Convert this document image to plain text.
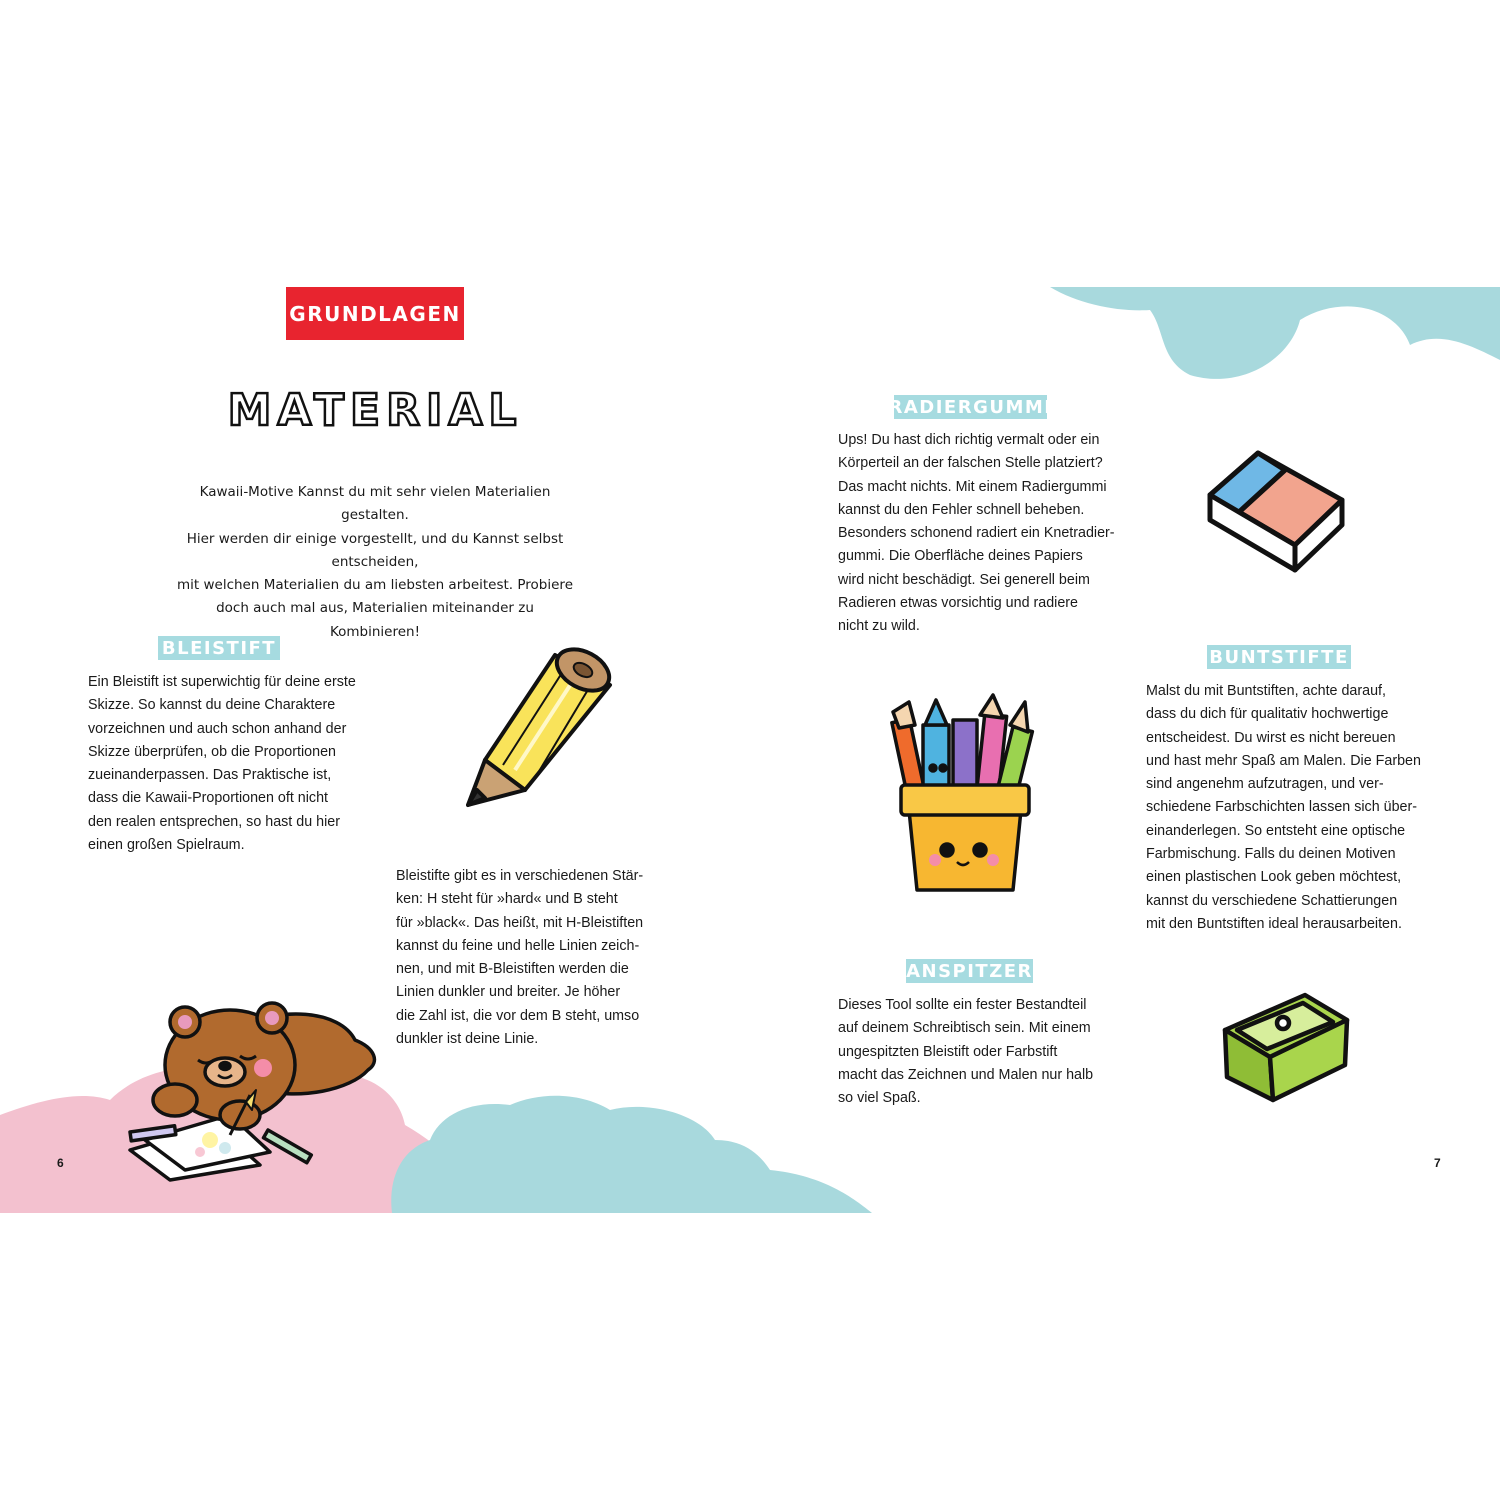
GRUNDLAGEN
MATERIAL
Kawaii-Motive Kannst du mit sehr vielen Materialien gestalten.
Hier werden dir einige vorgestellt, und du Kannst selbst entscheiden,
mit welchen Materialien du am liebsten arbeitest. Probiere
doch auch mal aus, Materialien miteinander zu Kombinieren!
BLEISTIFT
Ein Bleistift ist superwichtig für deine erste
Skizze. So kannst du deine Charaktere
vorzeichnen und auch schon anhand der
Skizze überprüfen, ob die Proportionen
zueinanderpassen. Das Praktische ist,
dass die Kawaii-Proportionen oft nicht
den realen entsprechen, so hast du hier
einen großen Spielraum.
Bleistifte gibt es in verschiedenen Stär-
ken: H steht für »hard« und B steht
für »black«. Das heißt, mit H-Bleistiften
kannst du feine und helle Linien zeich-
nen, und mit B-Bleistiften werden die
Linien dunkler und breiter. Je höher
die Zahl ist, die vor dem B steht, umso
dunkler ist deine Linie.
6
RADIERGUMMI
Ups! Du hast dich richtig vermalt oder ein
Körperteil an der falschen Stelle platziert?
Das macht nichts. Mit einem Radiergummi
kannst du den Fehler schnell beheben.
Besonders schonend radiert ein Knetradier-
gummi. Die Oberfläche deines Papiers
wird nicht beschädigt. Sei generell beim
Radieren etwas vorsichtig und radiere
nicht zu wild.
BUNTSTIFTE
Malst du mit Buntstiften, achte darauf,
dass du dich für qualitativ hochwertige
entscheidest. Du wirst es nicht bereuen
und hast mehr Spaß am Malen. Die Farben
sind angenehm aufzutragen, und ver-
schiedene Farbschichten lassen sich über-
einanderlegen. So entsteht eine optische
Farbmischung. Falls du deinen Motiven
einen plastischen Look geben möchtest,
kannst du verschiedene Schattierungen
mit den Buntstiften ideal herausarbeiten.
ANSPITZER
Dieses Tool sollte ein fester Bestandteil
auf deinem Schreibtisch sein. Mit einem
ungespitzten Bleistift oder Farbstift
macht das Zeichnen und Malen nur halb
so viel Spaß.
7
